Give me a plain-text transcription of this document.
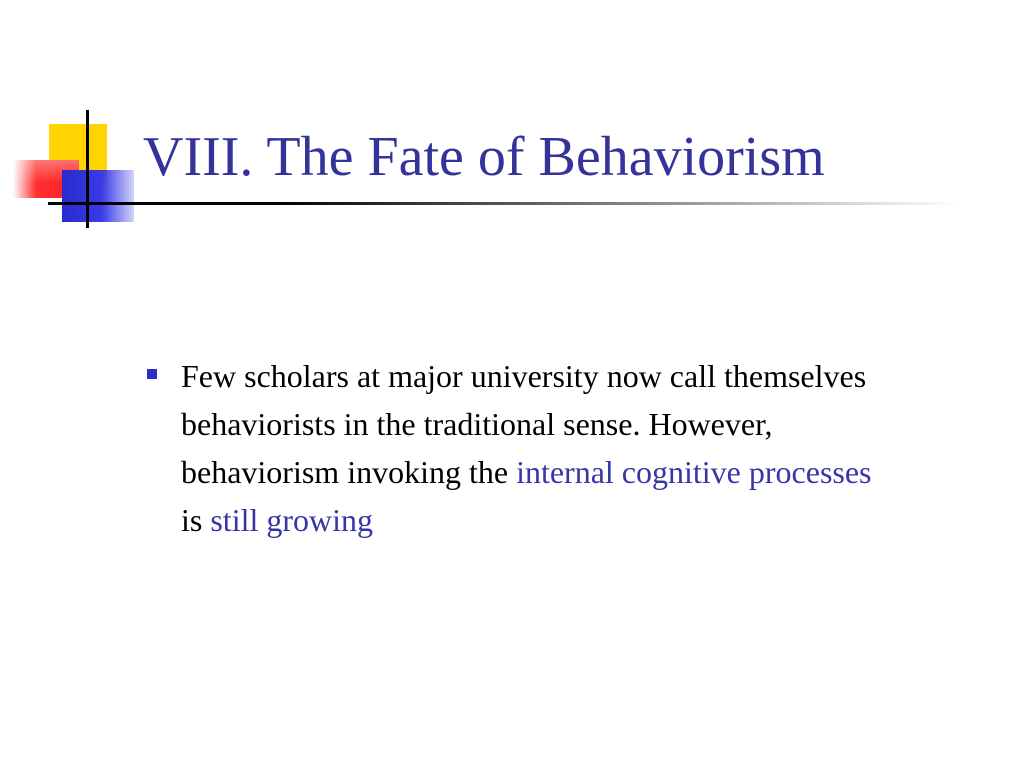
VIII. The Fate of Behaviorism

Few scholars at major university now call themselves behaviorists in the traditional sense. However, behaviorism invoking the internal cognitive processes is still growing
